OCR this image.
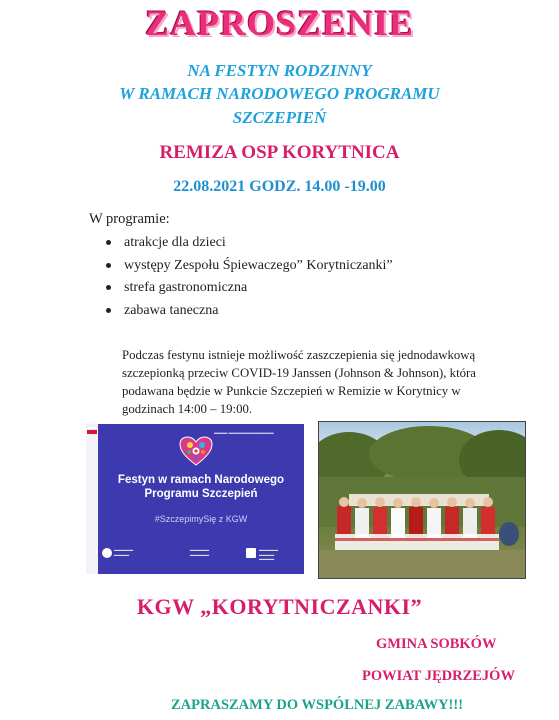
ZAPROSZENIE
NA FESTYN RODZINNY
W RAMACH NARODOWEGO PROGRAMU
SZCZEPIEŃ
REMIZA OSP KORYTNICA
22.08.2021 GODZ. 14.00 -19.00
W programie:
atrakcje dla dzieci
występy Zespołu Śpiewaczego” Korytniczanki”
strefa gastronomiczna
zabawa taneczna
Podczas festynu istnieje możliwość zaszczepienia się jednodawkową szczepionką przeciw COVID-19 Janssen (Johnson & Johnson), która podawana będzie w Punkcie Szczepień w Remizie w Korytnicy w godzinach 14:00 – 19:00.
▬▬▬ ▬▬▬▬▬▬▬▬▬▬
Festyn w ramach Narodowego
Programu Szczepień
#SzczepimySię z KGW
▬▬▬▬▬
▬▬▬▬
▬▬▬▬▬
▬▬▬▬▬
▬▬▬▬▬
▬▬▬▬
▬▬▬▬
KGW „KORYTNICZANKI”
GMINA SOBKÓW
POWIAT JĘDRZEJÓW
ZAPRASZAMY DO WSPÓLNEJ ZABAWY!!!
